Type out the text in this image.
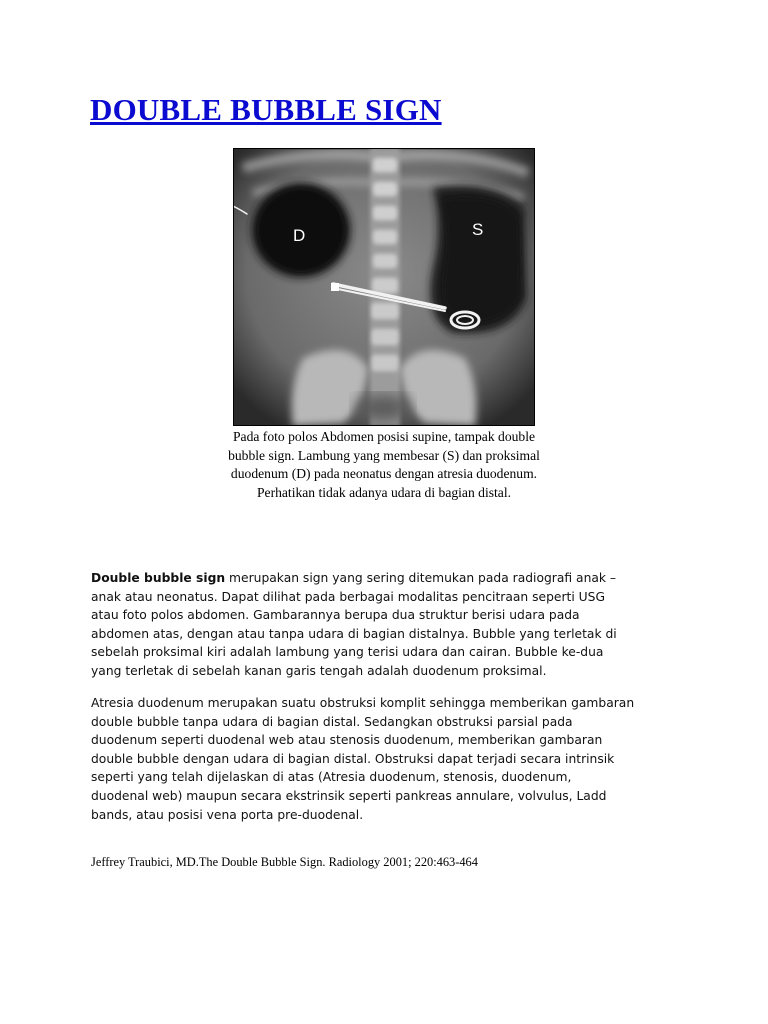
DOUBLE BUBBLE SIGN
D	S
Pada foto polos Abdomen posisi supine, tampak double
bubble sign. Lambung yang membesar (S) dan proksimal
duodenum (D) pada neonatus dengan atresia duodenum.
Perhatikan tidak adanya udara di bagian distal.
Double bubble sign merupakan sign yang sering ditemukan pada radiografi anak –
anak atau neonatus. Dapat dilihat pada berbagai modalitas pencitraan seperti USG
atau foto polos abdomen. Gambarannya berupa dua struktur berisi udara pada
abdomen atas, dengan atau tanpa udara di bagian distalnya. Bubble yang terletak di
sebelah proksimal kiri adalah lambung yang terisi udara dan cairan. Bubble ke-dua
yang terletak di sebelah kanan garis tengah adalah duodenum proksimal.
Atresia duodenum merupakan suatu obstruksi komplit sehingga memberikan gambaran
double bubble tanpa udara di bagian distal. Sedangkan obstruksi parsial pada
duodenum seperti duodenal web atau stenosis duodenum, memberikan gambaran
double bubble dengan udara di bagian distal. Obstruksi dapat terjadi secara intrinsik
seperti yang telah dijelaskan di atas (Atresia duodenum, stenosis, duodenum,
duodenal web) maupun secara ekstrinsik seperti pankreas annulare, volvulus, Ladd
bands, atau posisi vena porta pre-duodenal.
Jeffrey Traubici, MD.The Double Bubble Sign. Radiology 2001; 220:463-464
